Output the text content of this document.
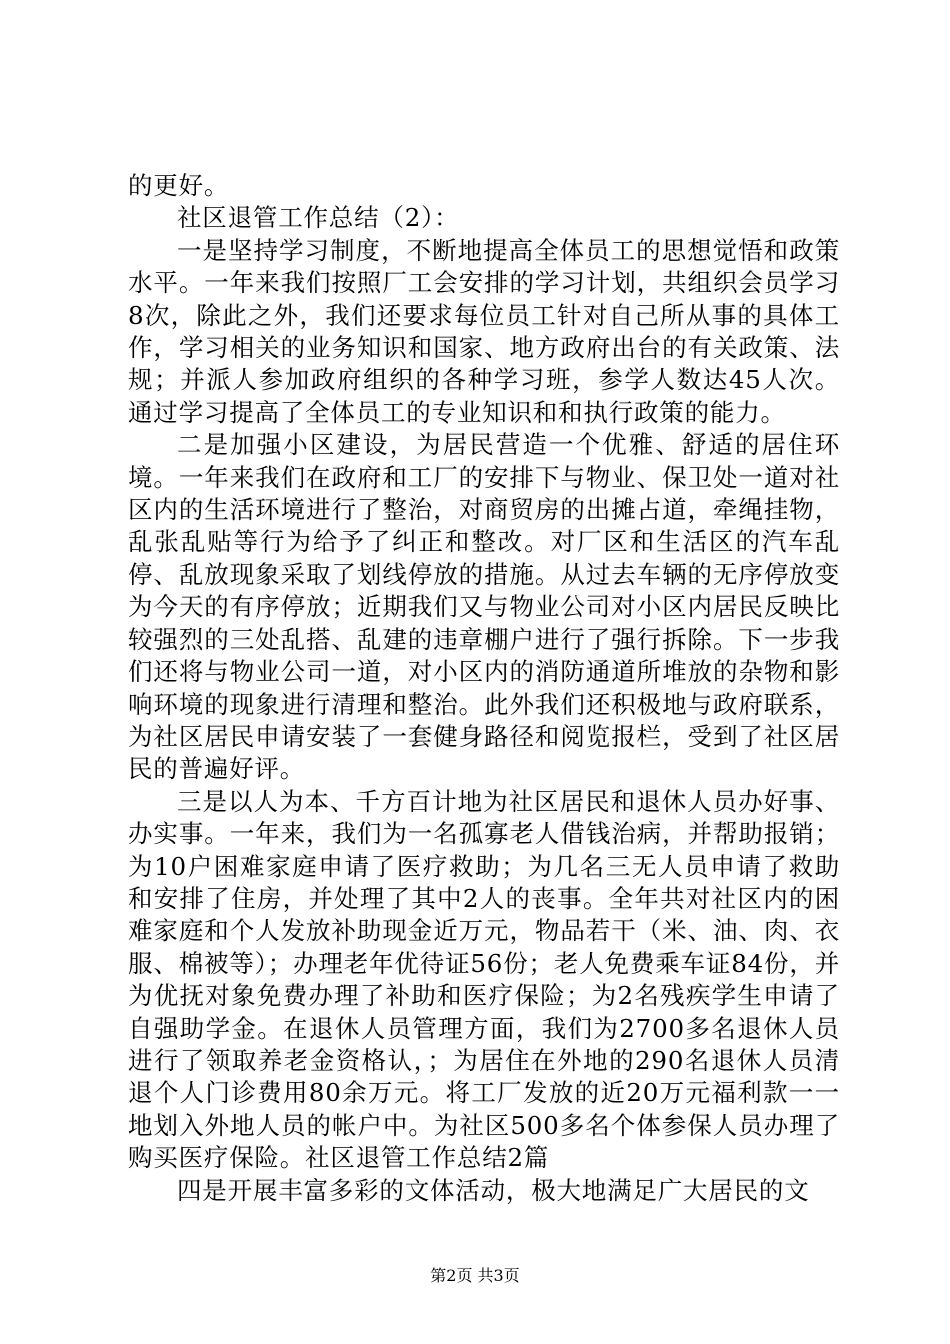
的更好。

社区退管工作总结（2）：

一是坚持学习制度，不断地提高全体员工的思想觉悟和政策水平。一年来我们按照厂工会安排的学习计划，共组织会员学习8次，除此之外，我们还要求每位员工针对自己所从事的具体工作，学习相关的业务知识和国家、地方政府出台的有关政策、法规；并派人参加政府组织的各种学习班，参学人数达45人次。通过学习提高了全体员工的专业知识和和执行政策的能力。

二是加强小区建设，为居民营造一个优雅、舒适的居住环境。一年来我们在政府和工厂的安排下与物业、保卫处一道对社区内的生活环境进行了整治，对商贸房的出摊占道，牵绳挂物，乱张乱贴等行为给予了纠正和整改。对厂区和生活区的汽车乱停、乱放现象采取了划线停放的措施。从过去车辆的无序停放变为今天的有序停放；近期我们又与物业公司对小区内居民反映比较强烈的三处乱搭、乱建的违章棚户进行了强行拆除。下一步我们还将与物业公司一道，对小区内的消防通道所堆放的杂物和影响环境的现象进行清理和整治。此外我们还积极地与政府联系，为社区居民申请安装了一套健身路径和阅览报栏，受到了社区居民的普遍好评。

三是以人为本、千方百计地为社区居民和退休人员办好事、办实事。一年来，我们为一名孤寡老人借钱治病，并帮助报销；为10户困难家庭申请了医疗救助；为几名三无人员申请了救助和安排了住房，并处理了其中2人的丧事。全年共对社区内的困难家庭和个人发放补助现金近万元，物品若干（米、油、肉、衣服、棉被等）；办理老年优待证56份；老人免费乘车证84份，并为优抚对象免费办理了补助和医疗保险；为2名残疾学生申请了自强助学金。在退休人员管理方面，我们为2700多名退休人员进行了领取养老金资格认，；为居住在外地的290名退休人员清退个人门诊费用80余万元。将工厂发放的近20万元福利款一一地划入外地人员的帐户中。为社区500多名个体参保人员办理了购买医疗保险。社区退管工作总结2篇

四是开展丰富多彩的文体活动，极大地满足广大居民的文

第2页 共3页
